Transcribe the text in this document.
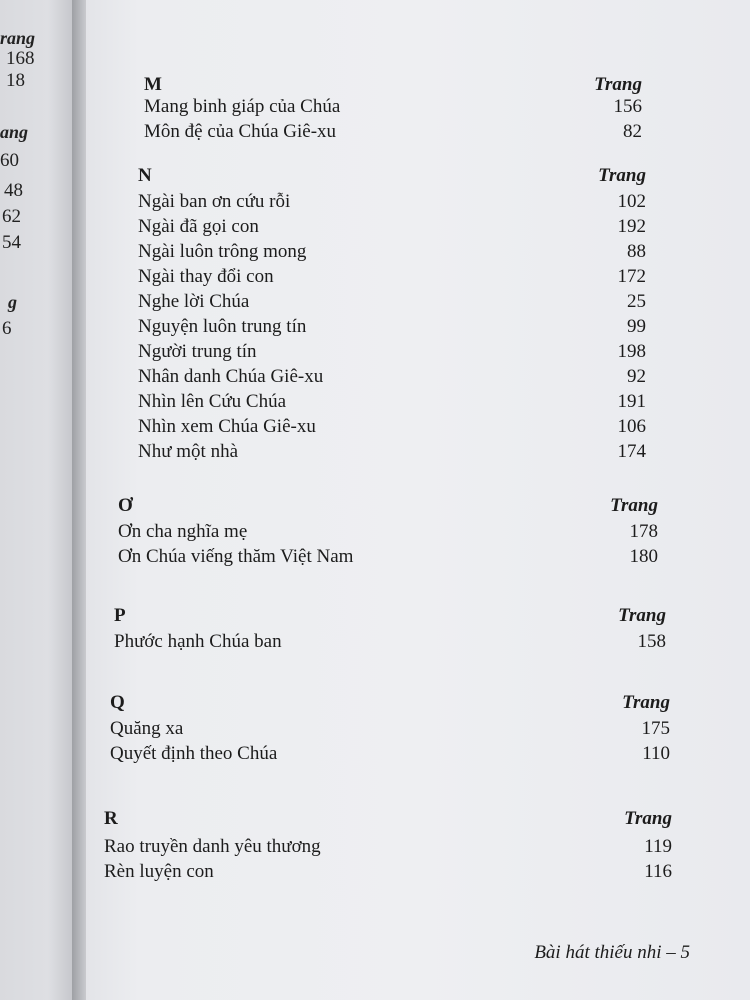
rang
168
18
ang
60
48
62
54
g
6
M	Trang
Mang binh giáp của Chúa	156
Môn đệ của Chúa Giê-xu	82
N	Trang
Ngài ban ơn cứu rỗi	102
Ngài đã gọi con	192
Ngài luôn trông mong	88
Ngài thay đổi con	172
Nghe lời Chúa	25
Nguyện luôn trung tín	99
Người trung tín	198
Nhân danh Chúa Giê-xu	92
Nhìn lên Cứu Chúa	191
Nhìn xem Chúa Giê-xu	106
Như một nhà	174
Ơ	Trang
Ơn cha nghĩa mẹ	178
Ơn Chúa viếng thăm Việt Nam	180
P	Trang
Phước hạnh Chúa ban	158
Q	Trang
Quăng xa	175
Quyết định theo Chúa	110
R	Trang
Rao truyền danh yêu thương	119
Rèn luyện con	116
Bài hát thiếu nhi – 5
